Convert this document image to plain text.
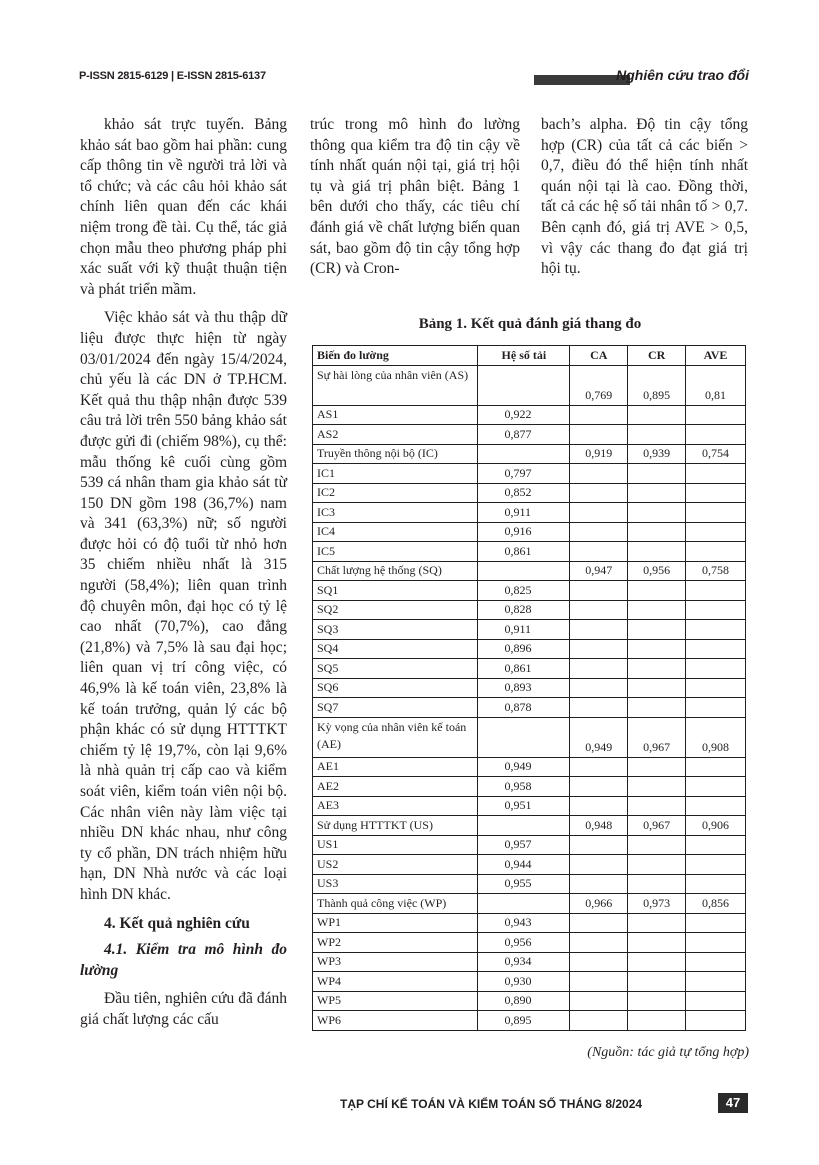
P-ISSN 2815-6129 | E-ISSN 2815-6137	Nghiên cứu trao đổi

khảo sát trực tuyến. Bảng khảo sát bao gồm hai phần: cung cấp thông tin về người trả lời và tổ chức; và các câu hỏi khảo sát chính liên quan đến các khái niệm trong đề tài. Cụ thể, tác giả chọn mẫu theo phương pháp phi xác suất với kỹ thuật thuận tiện và phát triển mầm.

Việc khảo sát và thu thập dữ liệu được thực hiện từ ngày 03/01/2024 đến ngày 15/4/2024, chủ yếu là các DN ở TP.HCM. Kết quả thu thập nhận được 539 câu trả lời trên 550 bảng khảo sát được gửi đi (chiếm 98%), cụ thể: mẫu thống kê cuối cùng gồm 539 cá nhân tham gia khảo sát từ 150 DN gồm 198 (36,7%) nam và 341 (63,3%) nữ; số người được hỏi có độ tuổi từ nhỏ hơn 35 chiếm nhiều nhất là 315 người (58,4%); liên quan trình độ chuyên môn, đại học có tỷ lệ cao nhất (70,7%), cao đẳng (21,8%) và 7,5% là sau đại học; liên quan vị trí công việc, có 46,9% là kế toán viên, 23,8% là kế toán trưởng, quản lý các bộ phận khác có sử dụng HTTTKT chiếm tỷ lệ 19,7%, còn lại 9,6% là nhà quản trị cấp cao và kiểm soát viên, kiểm toán viên nội bộ. Các nhân viên này làm việc tại nhiều DN khác nhau, như công ty cổ phần, DN trách nhiệm hữu hạn, DN Nhà nước và các loại hình DN khác.

4. Kết quả nghiên cứu

4.1. Kiểm tra mô hình đo lường

Đầu tiên, nghiên cứu đã đánh giá chất lượng các cấu

trúc trong mô hình đo lường thông qua kiểm tra độ tin cậy về tính nhất quán nội tại, giá trị hội tụ và giá trị phân biệt. Bảng 1 bên dưới cho thấy, các tiêu chí đánh giá về chất lượng biến quan sát, bao gồm độ tin cậy tổng hợp (CR) và Cron-

bach’s alpha. Độ tin cậy tổng hợp (CR) của tất cả các biến > 0,7, điều đó thể hiện tính nhất quán nội tại là cao. Đồng thời, tất cả các hệ số tải nhân tố > 0,7. Bên cạnh đó, giá trị AVE > 0,5, vì vậy các thang đo đạt giá trị hội tụ.

Bảng 1. Kết quả đánh giá thang đo
Biến đo lường	Hệ số tải	CA	CR	AVE
Sự hài lòng của nhân viên (AS)		0,769	0,895	0,81
AS1	0,922			
AS2	0,877			
Truyền thông nội bộ (IC)		0,919	0,939	0,754
IC1	0,797			
IC2	0,852			
IC3	0,911			
IC4	0,916			
IC5	0,861			
Chất lượng hệ thống (SQ)		0,947	0,956	0,758
SQ1	0,825			
SQ2	0,828			
SQ3	0,911			
SQ4	0,896			
SQ5	0,861			
SQ6	0,893			
SQ7	0,878			
Kỳ vọng của nhân viên kế toán (AE)		0,949	0,967	0,908
AE1	0,949			
AE2	0,958			
AE3	0,951			
Sử dụng HTTTKT (US)		0,948	0,967	0,906
US1	0,957			
US2	0,944			
US3	0,955			
Thành quả công việc (WP)		0,966	0,973	0,856
WP1	0,943			
WP2	0,956			
WP3	0,934			
WP4	0,930			
WP5	0,890			
WP6	0,895			
(Nguồn: tác giả tự tổng hợp)
TẠP CHÍ KẾ TOÁN VÀ KIỂM TOÁN SỐ THÁNG 8/2024	47
